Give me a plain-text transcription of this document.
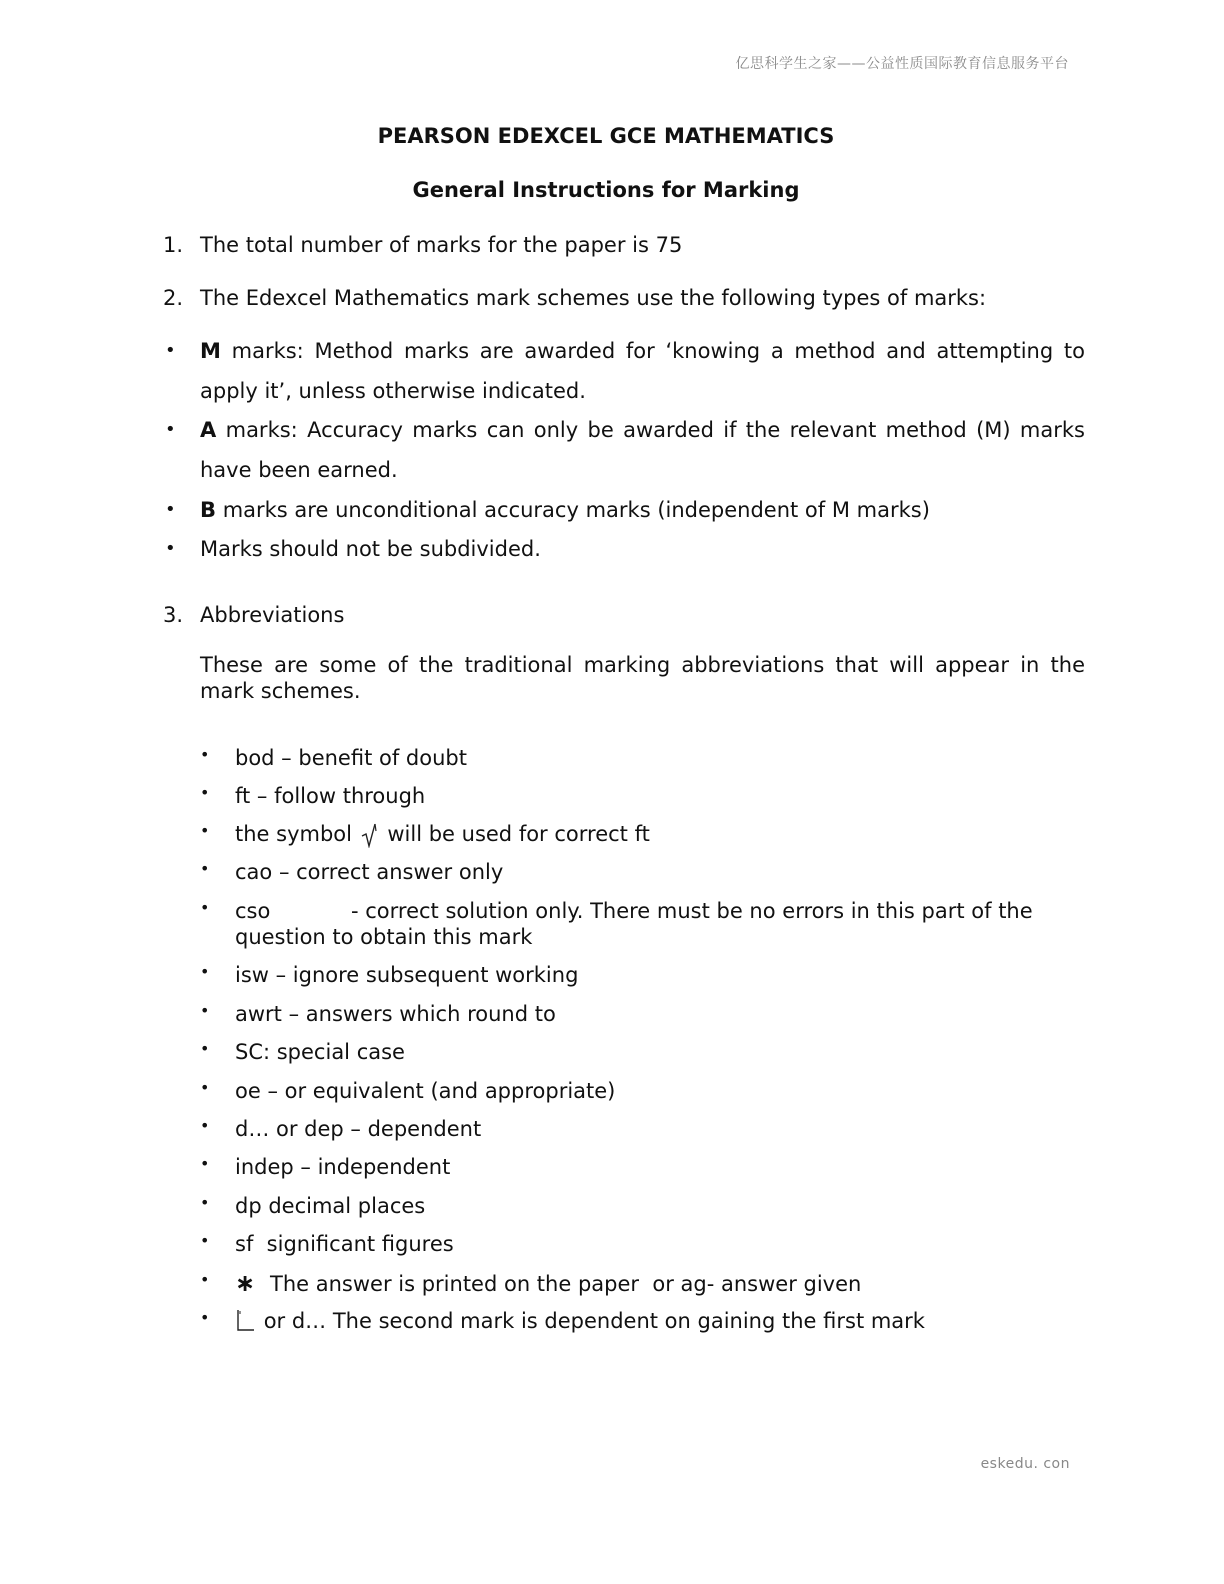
亿思科学生之家——公益性质国际教育信息服务平台
PEARSON EDEXCEL GCE MATHEMATICS
General Instructions for Marking
1. The total number of marks for the paper is 75
2. The Edexcel Mathematics mark schemes use the following types of marks:
• M marks: Method marks are awarded for ‘knowing a method and attempting to apply it’, unless otherwise indicated.
• A marks: Accuracy marks can only be awarded if the relevant method (M) marks have been earned.
• B marks are unconditional accuracy marks (independent of M marks)
• Marks should not be subdivided.
3. Abbreviations
These are some of the traditional marking abbreviations that will appear in the mark schemes.
• bod – benefit of doubt
• ft – follow through
• the symbol will be used for correct ft
• cao – correct answer only
• cso	- correct solution only. There must be no errors in this part of the question to obtain this mark
• isw – ignore subsequent working
• awrt – answers which round to
• SC: special case
• oe – or equivalent (and appropriate)
• d… or dep – dependent
• indep – independent
• dp decimal places
• sf  significant figures
• ∗ The answer is printed on the paper  or ag- answer given
•	or d… The second mark is dependent on gaining the first mark
eskedu. con
